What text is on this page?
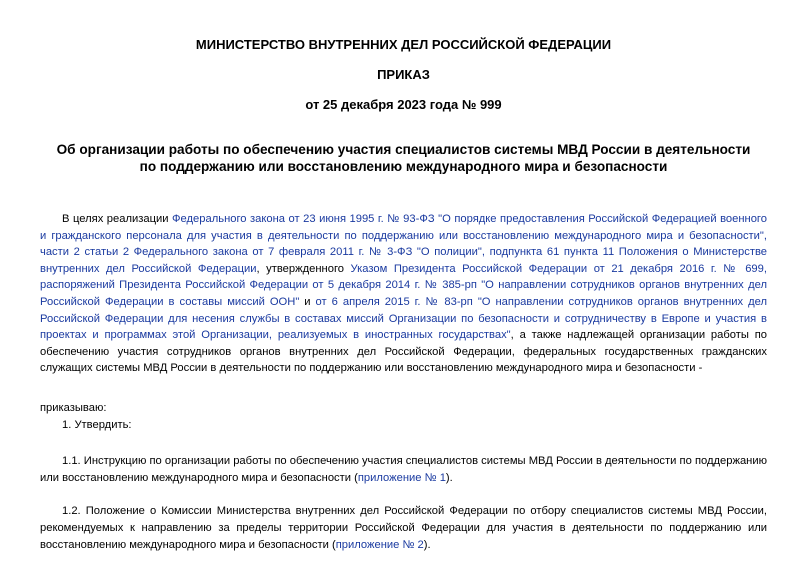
МИНИСТЕРСТВО ВНУТРЕННИХ ДЕЛ РОССИЙСКОЙ ФЕДЕРАЦИИ

ПРИКАЗ

от 25 декабря 2023 года № 999

Об организации работы по обеспечению участия специалистов системы МВД России в деятельности по поддержанию или восстановлению международного мира и безопасности

В целях реализации Федерального закона от 23 июня 1995 г. № 93-ФЗ "О порядке предоставления Российской Федерацией военного и гражданского персонала для участия в деятельности по поддержанию или восстановлению международного мира и безопасности", части 2 статьи 2 Федерального закона от 7 февраля 2011 г. № 3-ФЗ "О полиции", подпункта 61 пункта 11 Положения о Министерстве внутренних дел Российской Федерации, утвержденного Указом Президента Российской Федерации от 21 декабря 2016 г. № 699, распоряжений Президента Российской Федерации от 5 декабря 2014 г. № 385-рп "О направлении сотрудников органов внутренних дел Российской Федерации в составы миссий ООН" и от 6 апреля 2015 г. № 83-рп "О направлении сотрудников органов внутренних дел Российской Федерации для несения службы в составах миссий Организации по безопасности и сотрудничеству в Европе и участия в проектах и программах этой Организации, реализуемых в иностранных государствах", а также надлежащей организации работы по обеспечению участия сотрудников органов внутренних дел Российской Федерации, федеральных государственных гражданских служащих системы МВД России в деятельности по поддержанию или восстановлению международного мира и безопасности -

приказываю:

1. Утвердить:

1.1. Инструкцию по организации работы по обеспечению участия специалистов системы МВД России в деятельности по поддержанию или восстановлению международного мира и безопасности (приложение № 1).

1.2. Положение о Комиссии Министерства внутренних дел Российской Федерации по отбору специалистов системы МВД России, рекомендуемых к направлению за пределы территории Российской Федерации для участия в деятельности по поддержанию или восстановлению международного мира и безопасности (приложение № 2).
